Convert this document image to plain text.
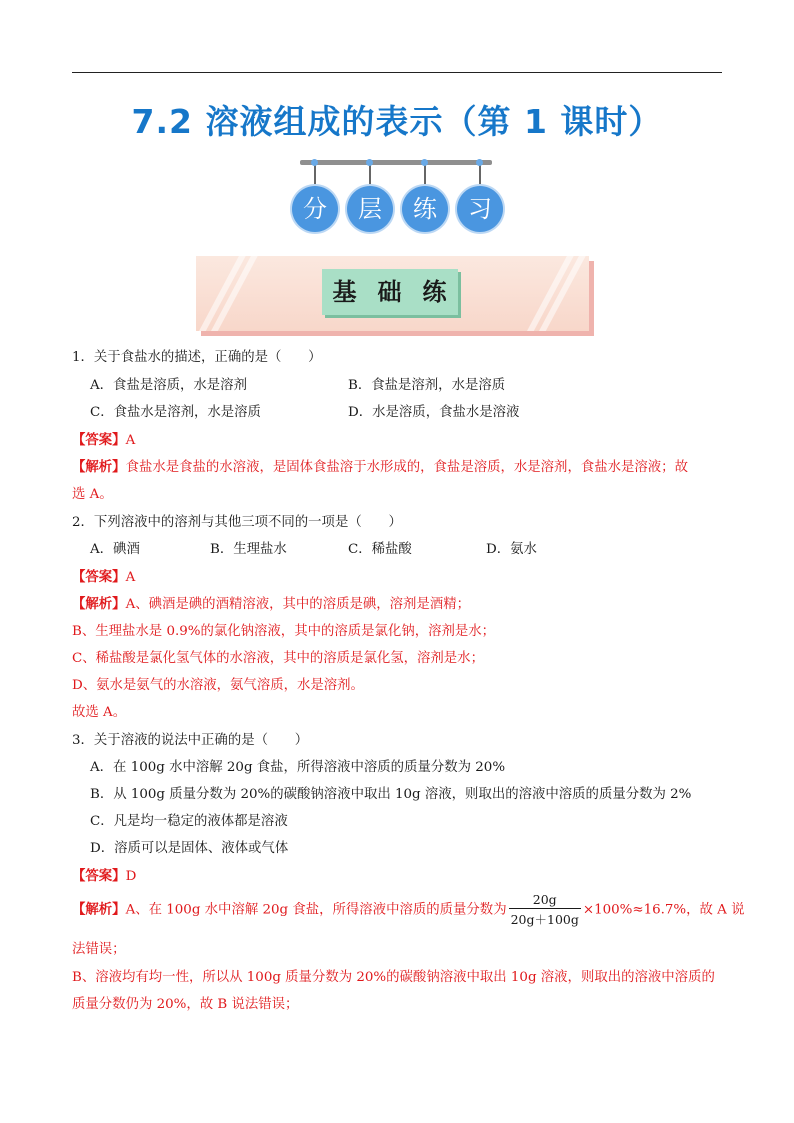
7.2 溶液组成的表示（第 1 课时）
分	层	练	习
基 础 练
1．关于食盐水的描述，正确的是（　　）
A．食盐是溶质，水是溶剂	B．食盐是溶剂，水是溶质
C．食盐水是溶剂，水是溶质	D．水是溶质，食盐水是溶液
【答案】A
【解析】食盐水是食盐的水溶液，是固体食盐溶于水形成的，食盐是溶质，水是溶剂，食盐水是溶液；故
选 A。
2．下列溶液中的溶剂与其他三项不同的一项是（　　）
A．碘酒	B．生理盐水	C．稀盐酸	D．氨水
【答案】A
【解析】A、碘酒是碘的酒精溶液，其中的溶质是碘，溶剂是酒精；
B、生理盐水是 0.9%的氯化钠溶液，其中的溶质是氯化钠，溶剂是水；
C、稀盐酸是氯化氢气体的水溶液，其中的溶质是氯化氢，溶剂是水；
D、氨水是氨气的水溶液，氨气溶质，水是溶剂。
故选 A。
3．关于溶液的说法中正确的是（　　）
A．在 100g 水中溶解 20g 食盐，所得溶液中溶质的质量分数为 20%
B．从 100g 质量分数为 20%的碳酸钠溶液中取出 10g 溶液，则取出的溶液中溶质的质量分数为 2%
C．凡是均一稳定的液体都是溶液
D．溶质可以是固体、液体或气体
【答案】D
【解析】A、在 100g 水中溶解 20g 食盐，所得溶液中溶质的质量分数为 $\frac{20g}{20g+100g} \times 100\%\approx 16.7\%$，故 A 说
法错误；
B、溶液均有均一性，所以从 100g 质量分数为 20%的碳酸钠溶液中取出 10g 溶液，则取出的溶液中溶质的
质量分数仍为 20%，故 B 说法错误；
